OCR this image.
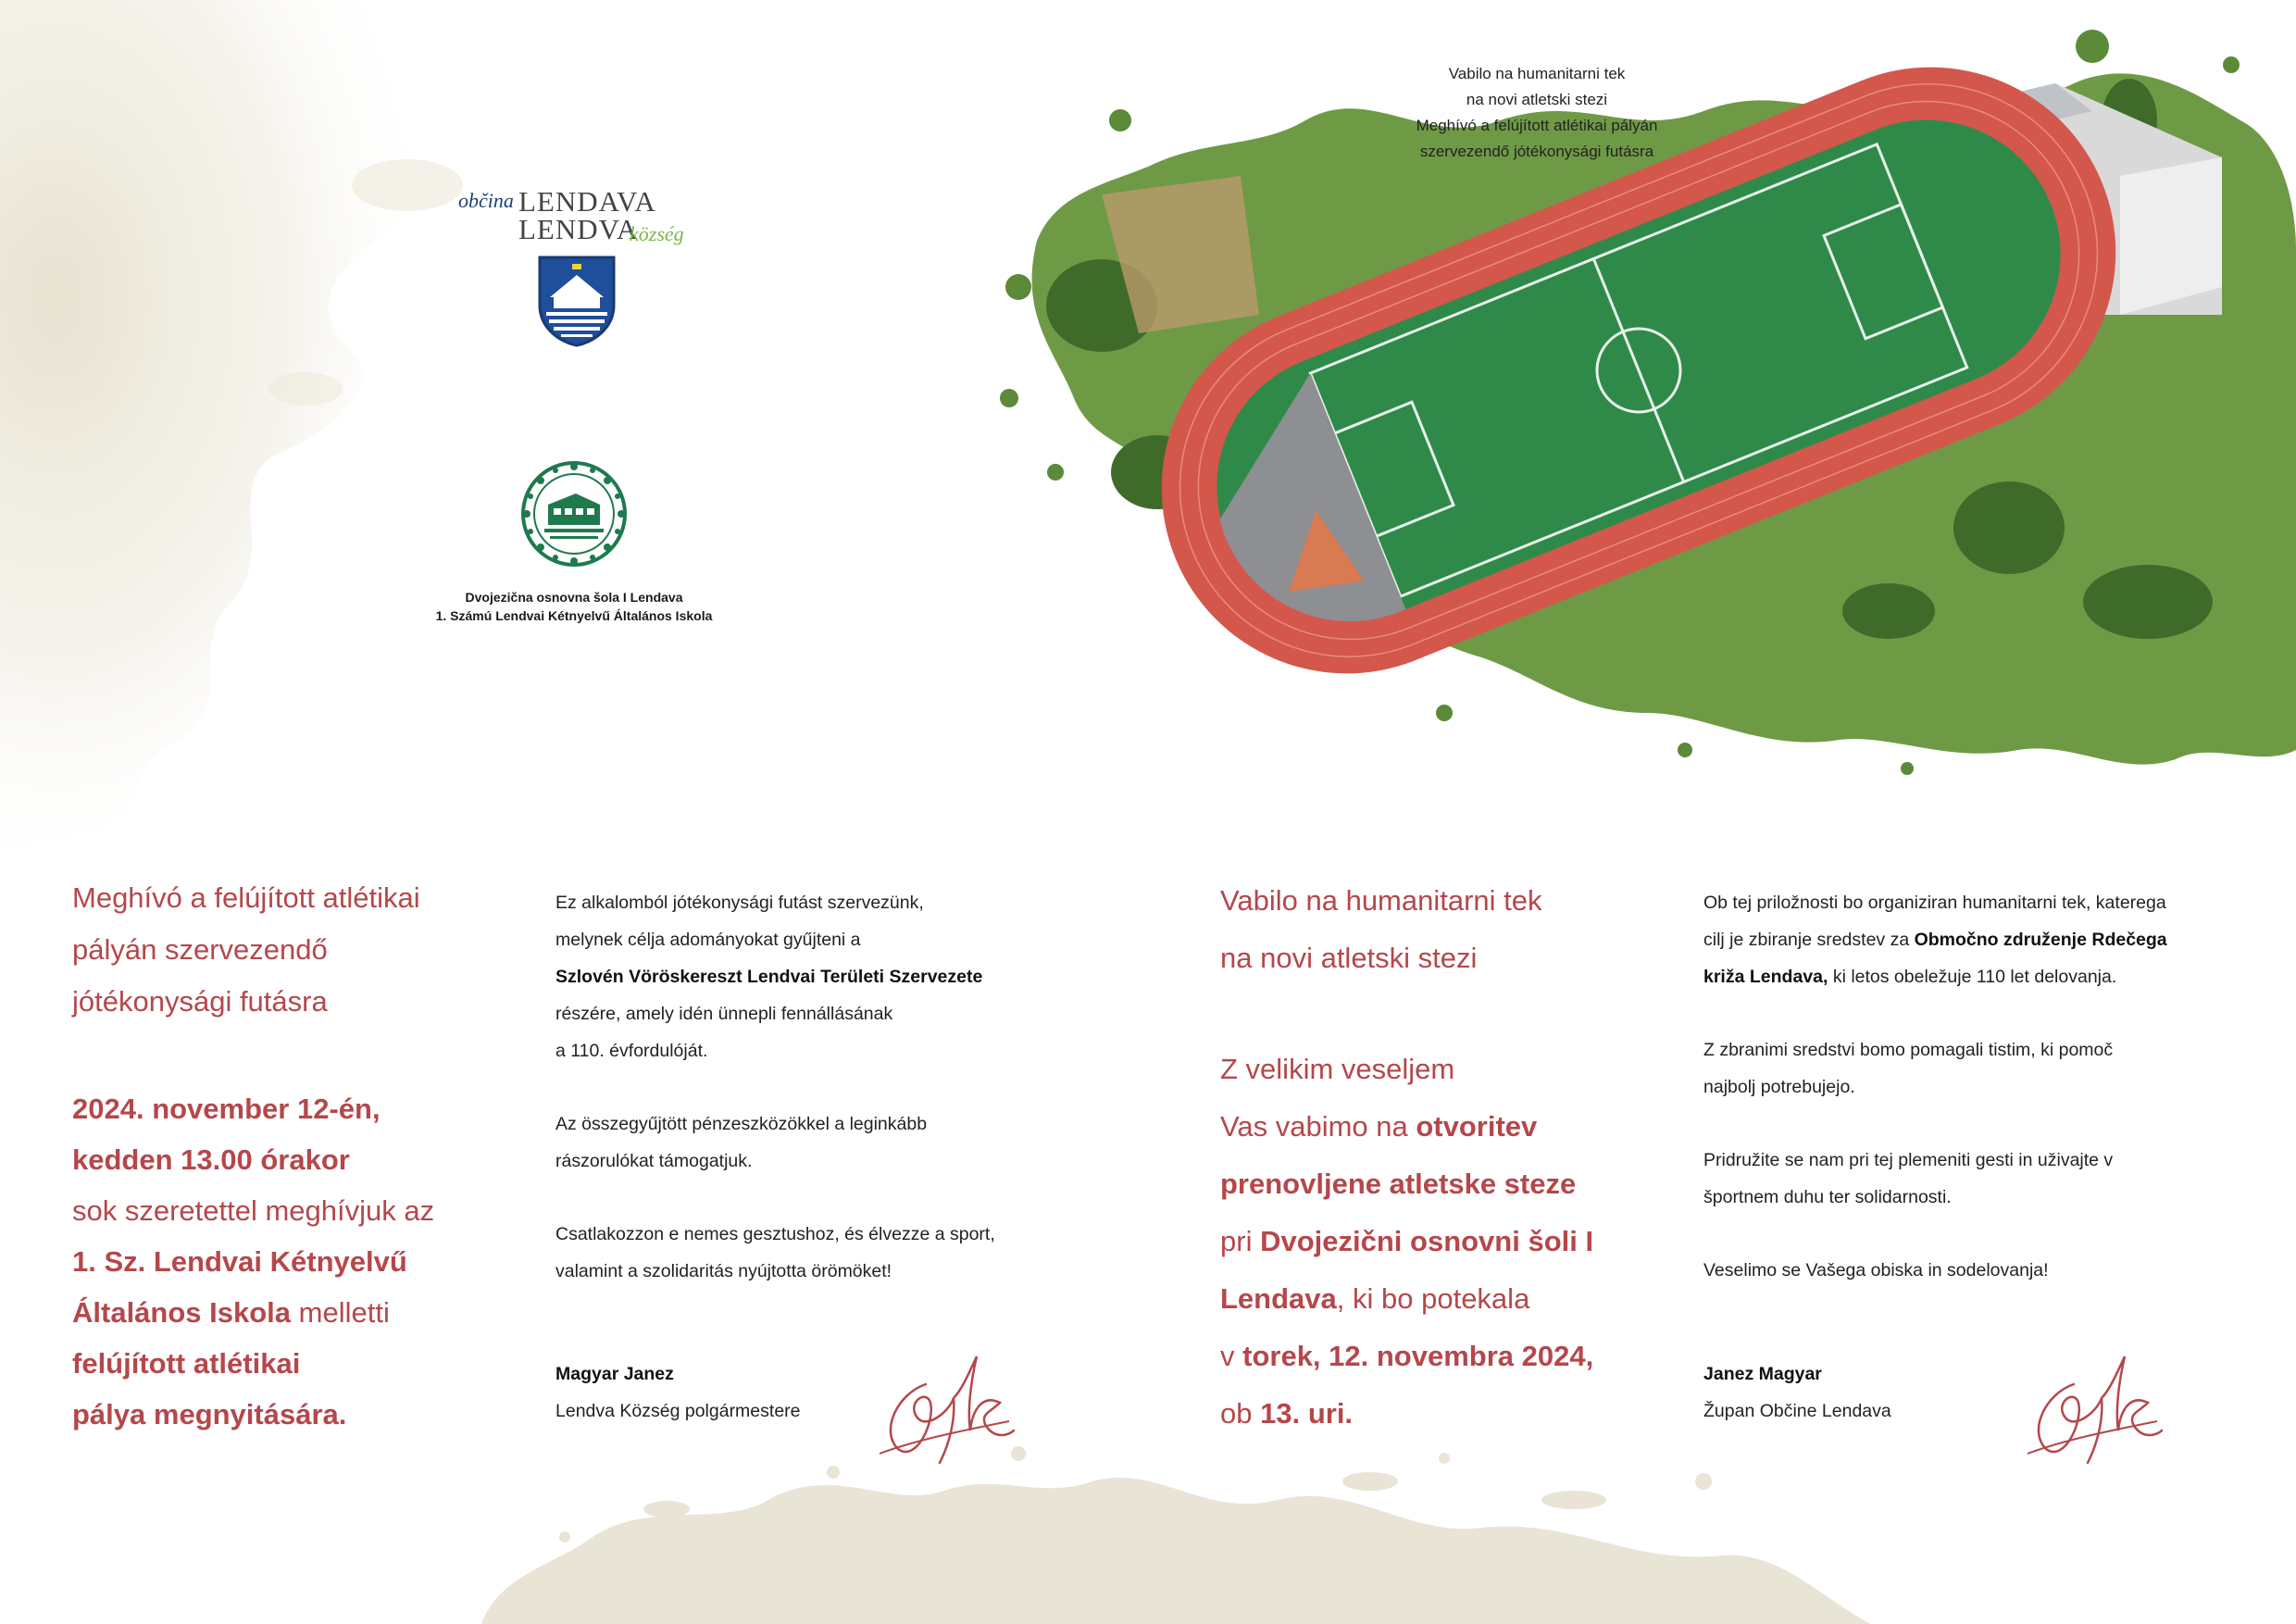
občina LENDAVA
LENDVA
község
Dvojezična osnovna šola I Lendava
1. Számú Lendvai Kétnyelvű Általános Iskola
Vabilo na humanitarni tek
na novi atletski stezi
Meghívó a felújított atlétikai pályán
szervezendő jótékonysági futásra
Meghívó a felújított atlétikai
pályán szervezendő
jótékonysági futásra
2024. november 12-én,
kedden 13.00 órakor
sok szeretettel meghívjuk az
1. Sz. Lendvai Kétnyelvű
Általános Iskola melletti
felújított atlétikai
pálya megnyitására.
Ez alkalomból jótékonysági futást szervezünk,
melynek célja adományokat gyűjteni a
Szlovén Vöröskereszt Lendvai Területi Szervezete
részére, amely idén ünnepli fennállásának
a 110. évfordulóját.
Az összegyűjtött pénzeszközökkel a leginkább
rászorulókat támogatjuk.
Csatlakozzon e nemes gesztushoz, és élvezze a sport,
valamint a szolidaritás nyújtotta örömöket!
Magyar Janez
Lendva Község polgármestere
Vabilo na humanitarni tek
na novi atletski stezi
Z velikim veseljem
Vas vabimo na otvoritev
prenovljene atletske steze
pri Dvojezični osnovni šoli I
Lendava, ki bo potekala
v torek, 12. novembra 2024,
ob 13. uri.
Ob tej priložnosti bo organiziran humanitarni tek, katerega
cilj je zbiranje sredstev za Območno združenje Rdečega
križa Lendava, ki letos obeležuje 110 let delovanja.
Z zbranimi sredstvi bomo pomagali tistim, ki pomoč
najbolj potrebujejo.
Pridružite se nam pri tej plemeniti gesti in uživajte v
športnem duhu ter solidarnosti.
Veselimo se Vašega obiska in sodelovanja!
Janez Magyar
Župan Občine Lendava
